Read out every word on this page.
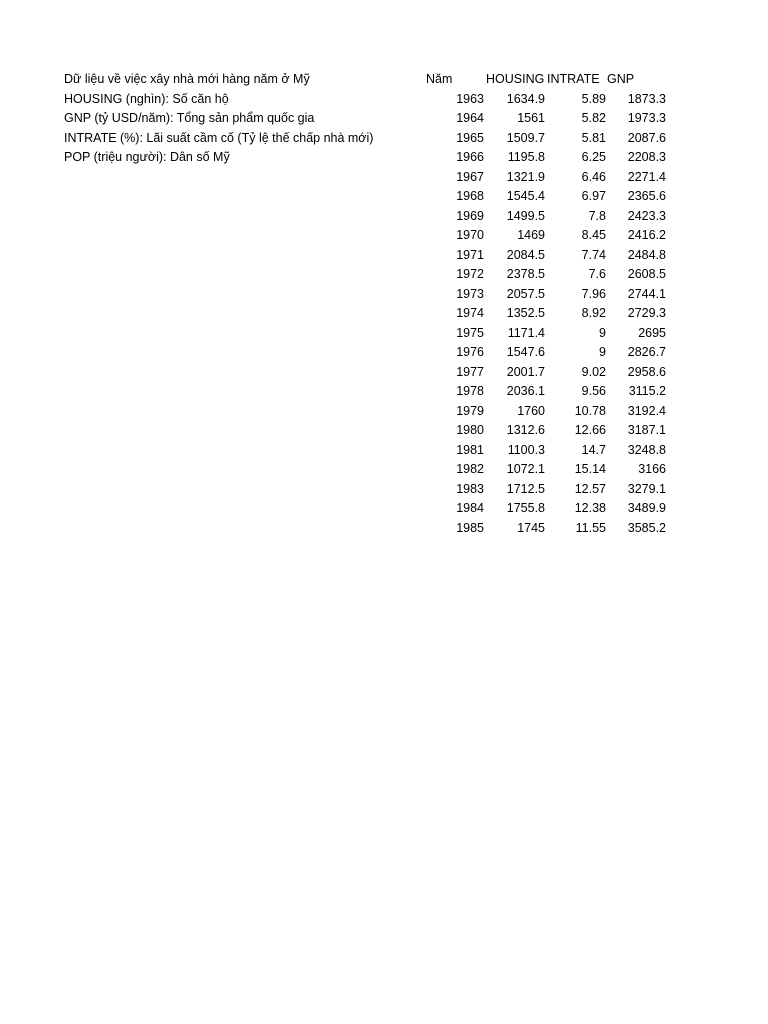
Dữ liệu về việc xây nhà mới hàng năm ở Mỹ
HOUSING (nghìn): Số căn hộ
GNP (tỷ USD/năm): Tổng sản phẩm quốc gia
INTRATE (%): Lãi suất cầm cố (Tỷ lệ thế chấp nhà mới)
POP (triệu người): Dân số Mỹ
Năm	HOUSING INTRATE GNP
1963	1634.9	5.89	1873.3
1964	1561	5.82	1973.3
1965	1509.7	5.81	2087.6
1966	1195.8	6.25	2208.3
1967	1321.9	6.46	2271.4
1968	1545.4	6.97	2365.6
1969	1499.5	7.8	2423.3
1970	1469	8.45	2416.2
1971	2084.5	7.74	2484.8
1972	2378.5	7.6	2608.5
1973	2057.5	7.96	2744.1
1974	1352.5	8.92	2729.3
1975	1171.4	9	2695
1976	1547.6	9	2826.7
1977	2001.7	9.02	2958.6
1978	2036.1	9.56	3115.2
1979	1760	10.78	3192.4
1980	1312.6	12.66	3187.1
1981	1100.3	14.7	3248.8
1982	1072.1	15.14	3166
1983	1712.5	12.57	3279.1
1984	1755.8	12.38	3489.9
1985	1745	11.55	3585.2
